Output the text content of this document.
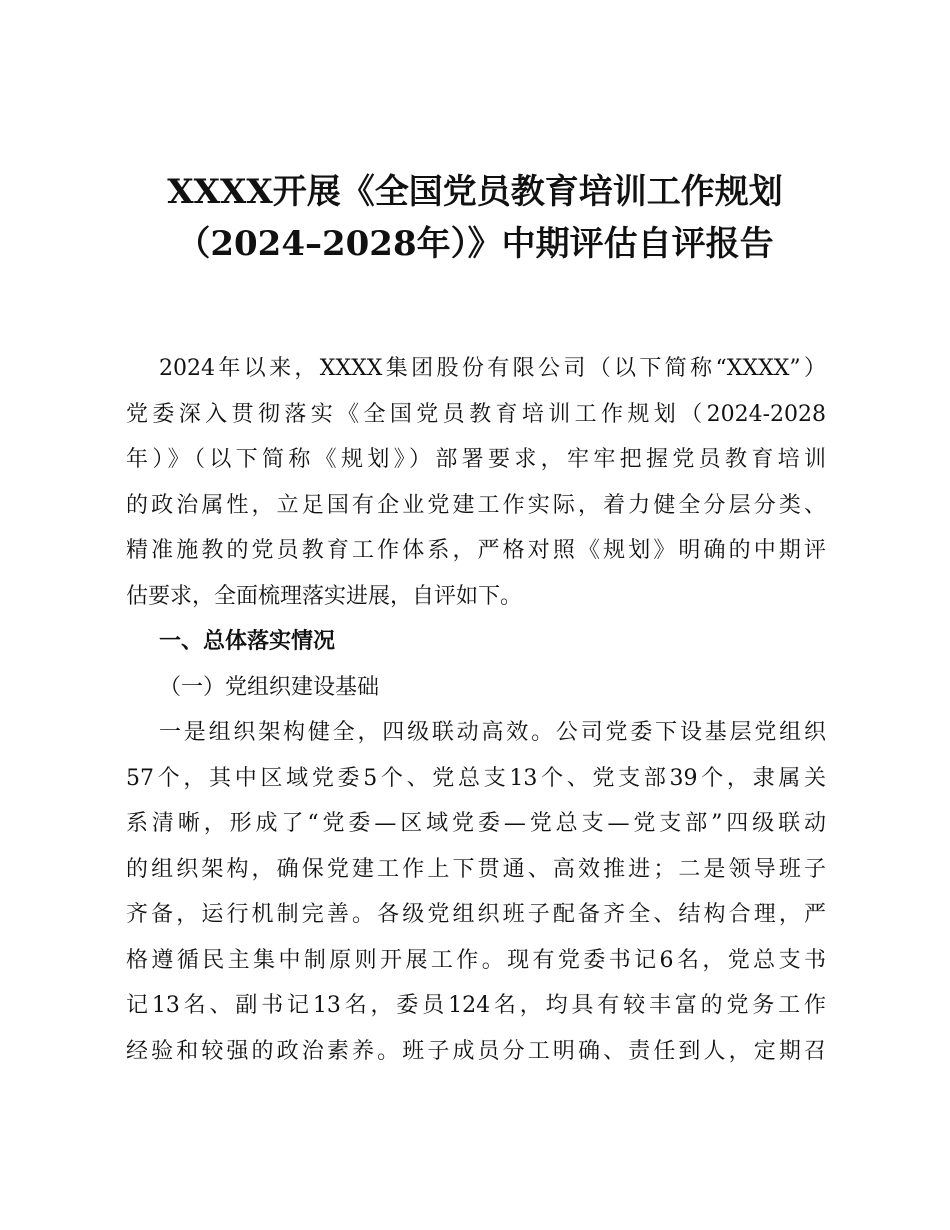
XXXX开展《全国党员教育培训工作规划
（2024–2028年）》中期评估自评报告
2024年以来，XXXX集团股份有限公司（以下简称“XXXX”）
党委深入贯彻落实《全国党员教育培训工作规划（2024-2028
年）》（以下简称《规划》）部署要求，牢牢把握党员教育培训
的政治属性，立足国有企业党建工作实际，着力健全分层分类、
精准施教的党员教育工作体系，严格对照《规划》明确的中期评
估要求，全面梳理落实进展，自评如下。
一、总体落实情况
（一）党组织建设基础
一是组织架构健全，四级联动高效。公司党委下设基层党组织
57个，其中区域党委5个、党总支13个、党支部39个，隶属关
系清晰，形成了“党委—区域党委—党总支—党支部”四级联动
的组织架构，确保党建工作上下贯通、高效推进；二是领导班子
齐备，运行机制完善。各级党组织班子配备齐全、结构合理，严
格遵循民主集中制原则开展工作。现有党委书记6名，党总支书
记13名、副书记13名，委员124名，均具有较丰富的党务工作
经验和较强的政治素养。班子成员分工明确、责任到人，定期召
